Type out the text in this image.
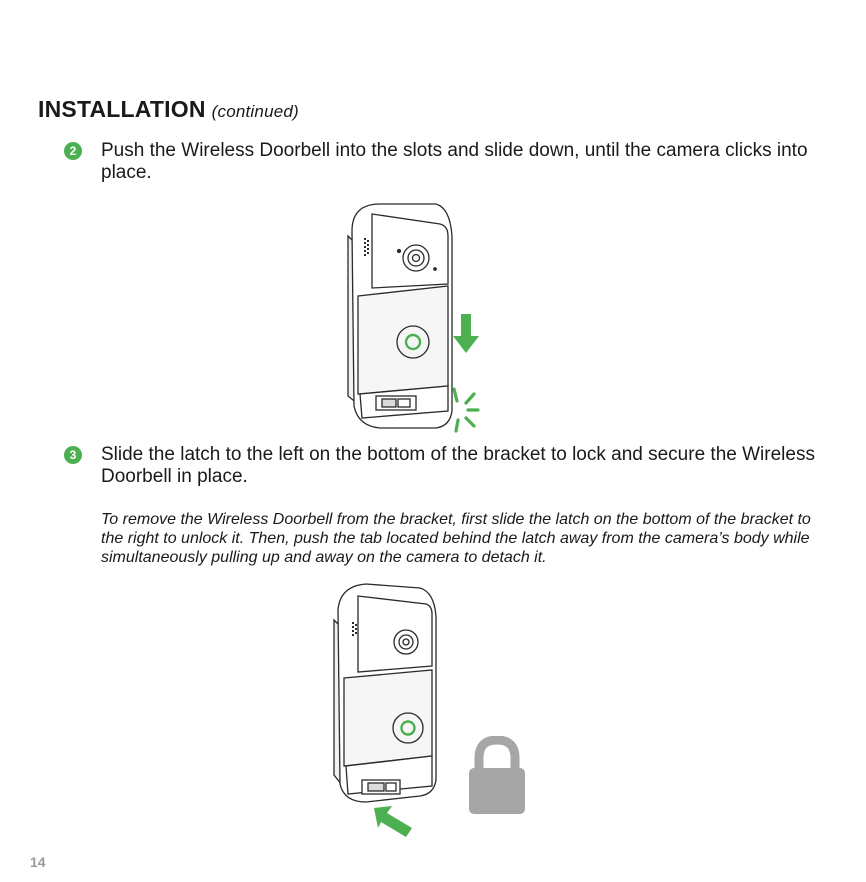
INSTALLATION (continued)
2 Push the Wireless Doorbell into the slots and slide down, until the camera clicks into place.
3 Slide the latch to the left on the bottom of the bracket to lock and secure the Wireless Doorbell in place.
To remove the Wireless Doorbell from the bracket, first slide the latch on the bottom of the bracket to the right to unlock it. Then, push the tab located behind the latch away from the camera’s body while simultaneously pulling up and away on the camera to detach it.
14
